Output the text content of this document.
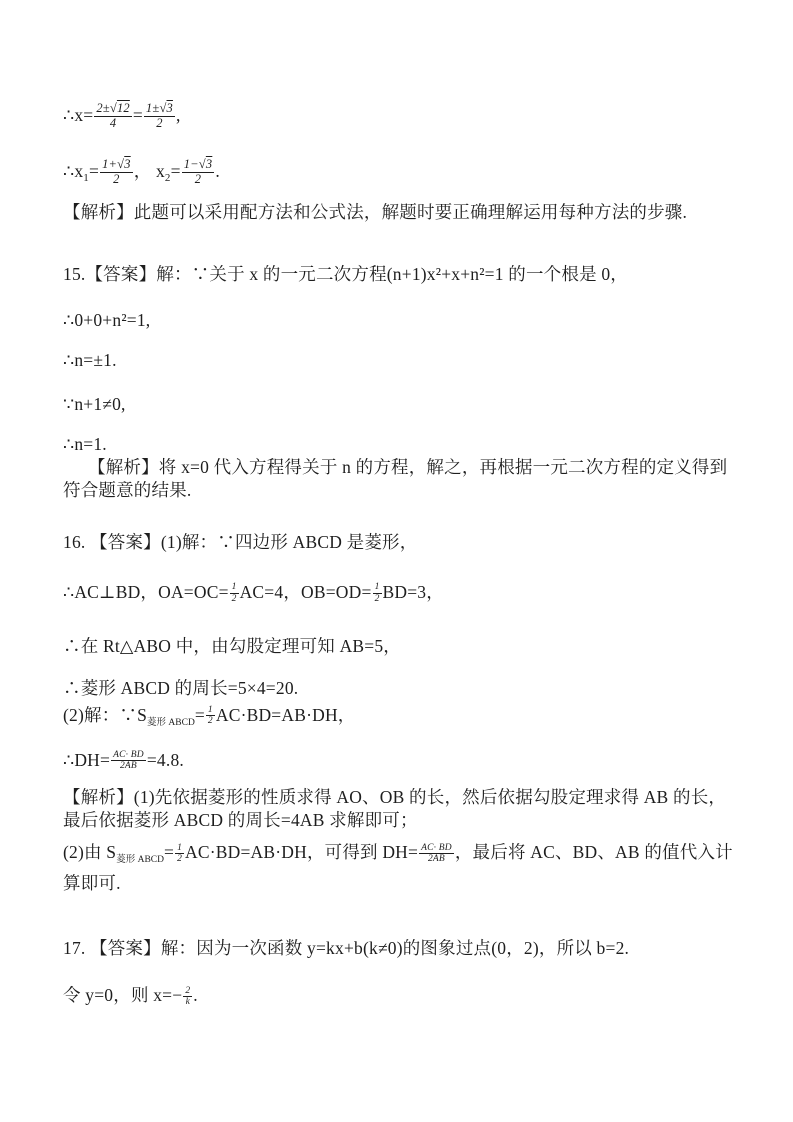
∴x= $\frac{2\pm√12}{4} = \frac{1\pm√3}{2}$ ,
$\therefore x_1= \frac{1+√3}{2}$ ， $x_2= \frac{1-√3}{2}$ .
【解析】此题可以采用配方法和公式法，解题时要正确理解运用每种方法的步骤.
15.【答案】解：∵关于 x 的一元二次方程(n+1)x²+x+n²=1 的一个根是 0，
∴0+0+n²=1,
∴n=±1.
∵n+1≠0,
∴n=1.
【解析】将 x=0 代入方程得关于 n 的方程，解之，再根据一元二次方程的定义得到符合题意的结果.
16. 【答案】(1)解：∵四边形 ABCD 是菱形，
∴AC⊥BD，$OA=OC= \frac{1}{2} AC=4$，$OB=OD= \frac{1}{2} BD=3$，
∴在 Rt△ABO 中，由勾股定理可知 AB=5，
∴菱形 ABCD 的周长=5×4=20.
(2)解：$\because S_{菱形 ABCD}= \frac{1}{2} AC\cdot BD=AB\cdot DH$，
∴DH= $\frac{AC\cdot BD}{2AB} =4.8$.
【解析】(1)先依据菱形的性质求得 AO、OB 的长，然后依据勾股定理求得 AB 的长，最后依据菱形 ABCD 的周长=4AB 求解即可；
(2)由 $S_{菱形 ABCD}= \frac{1}{2} AC\cdot BD=AB\cdot DH$，可得到 $DH= \frac{AC\cdot BD}{2AB}$ ，最后将 AC、BD、AB 的值代入计算即可.
17. 【答案】解：因为一次函数 y=kx+b(k≠0)的图象过点(0，2)，所以 b=2.
令 y=0，则 $x=- \frac{2}{k}$ .
